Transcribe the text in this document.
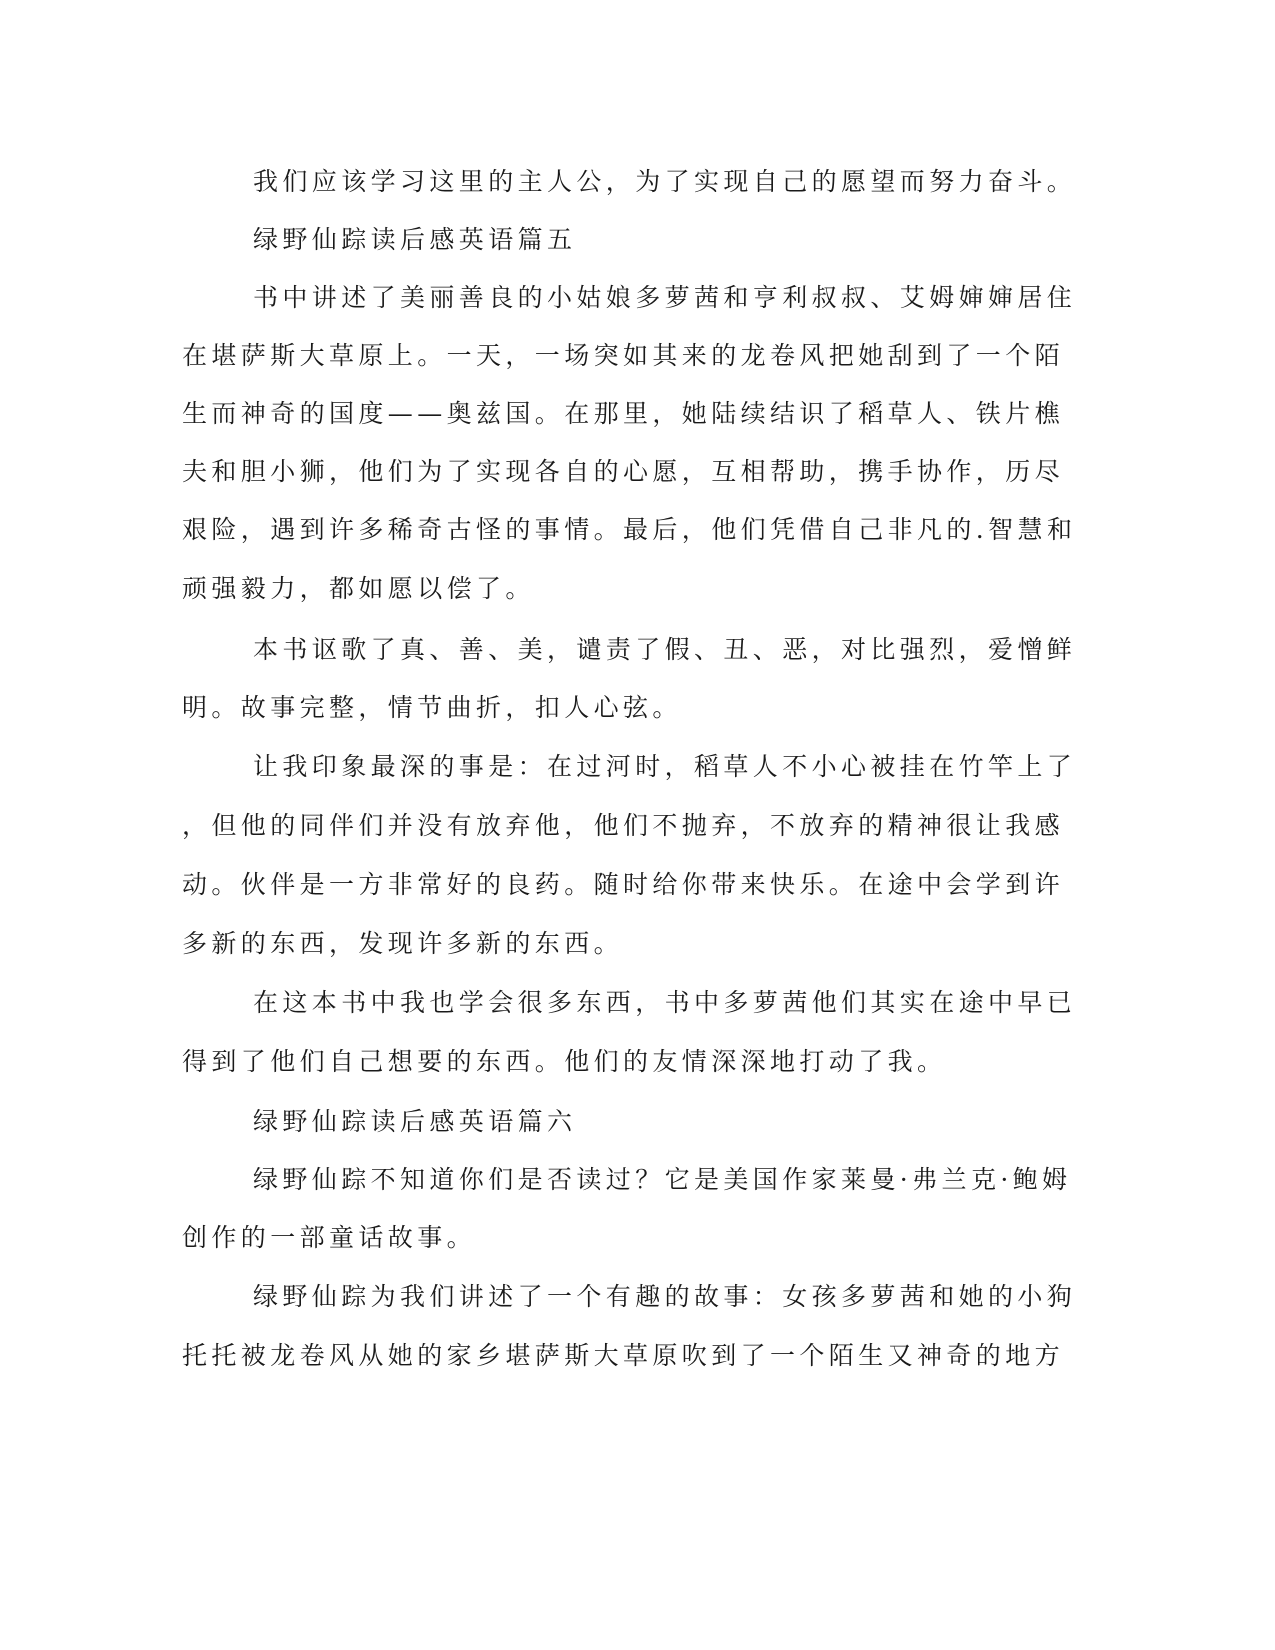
我们应该学习这里的主人公，为了实现自己的愿望而努力奋斗。
绿野仙踪读后感英语篇五
书中讲述了美丽善良的小姑娘多萝茜和亨利叔叔、艾姆婶婶居住
在堪萨斯大草原上。一天，一场突如其来的龙卷风把她刮到了一个陌
生而神奇的国度——奥兹国。在那里，她陆续结识了稻草人、铁片樵
夫和胆小狮，他们为了实现各自的心愿，互相帮助，携手协作，历尽
艰险，遇到许多稀奇古怪的事情。最后，他们凭借自己非凡的.智慧和
顽强毅力，都如愿以偿了。
本书讴歌了真、善、美，谴责了假、丑、恶，对比强烈，爱憎鲜
明。故事完整，情节曲折，扣人心弦。
让我印象最深的事是：在过河时，稻草人不小心被挂在竹竿上了
，但他的同伴们并没有放弃他，他们不抛弃，不放弃的精神很让我感
动。伙伴是一方非常好的良药。随时给你带来快乐。在途中会学到许
多新的东西，发现许多新的东西。
在这本书中我也学会很多东西，书中多萝茜他们其实在途中早已
得到了他们自己想要的东西。他们的友情深深地打动了我。
绿野仙踪读后感英语篇六
绿野仙踪不知道你们是否读过？它是美国作家莱曼·弗兰克·鲍姆
创作的一部童话故事。
绿野仙踪为我们讲述了一个有趣的故事：女孩多萝茜和她的小狗
托托被龙卷风从她的家乡堪萨斯大草原吹到了一个陌生又神奇的地方
